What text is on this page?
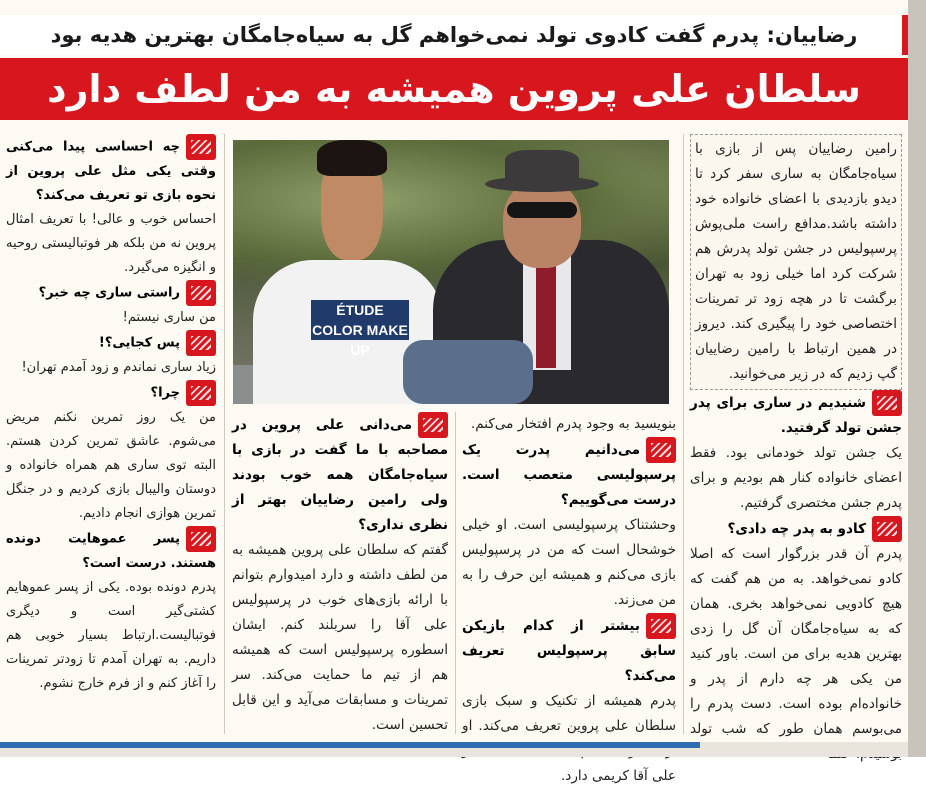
رضاییان: پدرم گفت کادوی تولد نمی‌خواهم گل به سیاه‌جامگان بهترین هدیه بود
سلطان علی پروین همیشه به من لطف دارد
ÉTUDE COLOR MAKE UP

رامین رضاییان پس از بازی با سیاه‌جامگان به ساری سفر کرد تا دیدو بازدیدی با اعضای خانواده خود داشته باشد.مدافع راست ملی‌پوش پرسپولیس در جشن تولد پدرش هم شرکت کرد اما خیلی زود به تهران برگشت تا در هچه زود تر تمرینات اختصاصی خود را پیگیری کند. دیروز در همین ارتباط با رامین رضاییان گپ زدیم که در زیر می‌خوانید.

شنیدیم در ساری برای پدر جشن تولد گرفتید.

یک جشن تولد خودمانی بود. فقط اعضای خانواده کنار هم بودیم و برای پدرم جشن مختصری گرفتیم.

کادو به پدر چه دادی؟

پدرم آن قدر بزرگوار است که اصلا کادو نمی‌خواهد. به من هم گفت که هیچ کادویی نمی‌خواهد بخری. همان که به سیاه‌جامگان آن گل را زدی بهترین هدیه برای من است. باور کنید من یکی هر چه دارم از پدر و خانواده‌ام بوده است. دست پدرم را می‌بوسم همان طور که شب تولد

بنویسید به وجود پدرم افتخار می‌کنم.

می‌دانیم پدرت یک پرسپولیسی متعصب است. درست می‌گوییم؟

وحشتناک پرسپولیسی است. او خیلی خوشحال است که من در پرسپولیس بازی می‌کنم و همیشه این حرف را به من می‌زند.

بیشتر از کدام بازیکن سابق پرسپولیس تعریف می‌کند؟

پدرم همیشه از تکنیک و سبک بازی سلطان علی پروین تعریف می‌کند. او علی آقا کریمی دارد.

می‌دانی علی پروین در مصاحبه با ما گفت در بازی با سیاه‌جامگان همه خوب بودند ولی رامین رضاییان بهتر از نظری نداری؟

گفتم که سلطان علی پروین همیشه به من لطف داشته و دارد امیدوارم بتوانم با ارائه بازی‌های خوب در پرسپولیس علی آقا را سربلند کنم. ایشان اسطوره پرسپولیس است که همیشه هم از تیم ما حمایت می‌کند. سر تمرینات و مسابقات می‌آید و این قابل تحسین است.

چه احساسی پیدا می‌کنی وقتی یکی مثل علی پروین از نحوه بازی تو تعریف می‌کند؟

احساس خوب و عالی! با تعریف امثال پروین نه من بلکه هر فوتبالیستی روحیه و انگیزه می‌گیرد.

راستی ساری چه خبر؟

من ساری نیستم!

پس کجایی؟!

زیاد ساری نماندم و زود آمدم تهران!

چرا؟

من یک روز تمرین نکنم مریض می‌شوم. عاشق تمرین کردن هستم. البته توی ساری هم همراه خانواده و دوستان والیبال بازی کردیم و در جنگل تمرین هوازی انجام دادیم.

پسر عموهایت دونده هستند. درست است؟

پدرم دونده بوده. یکی از پسر عموهایم کشتی‌گیر است و دیگری فوتبالیست.ارتباط بسیار خوبی هم داریم. به تهران آمدم تا زودتر تمرینات را آغاز کنم و از فرم خارج نشوم.
